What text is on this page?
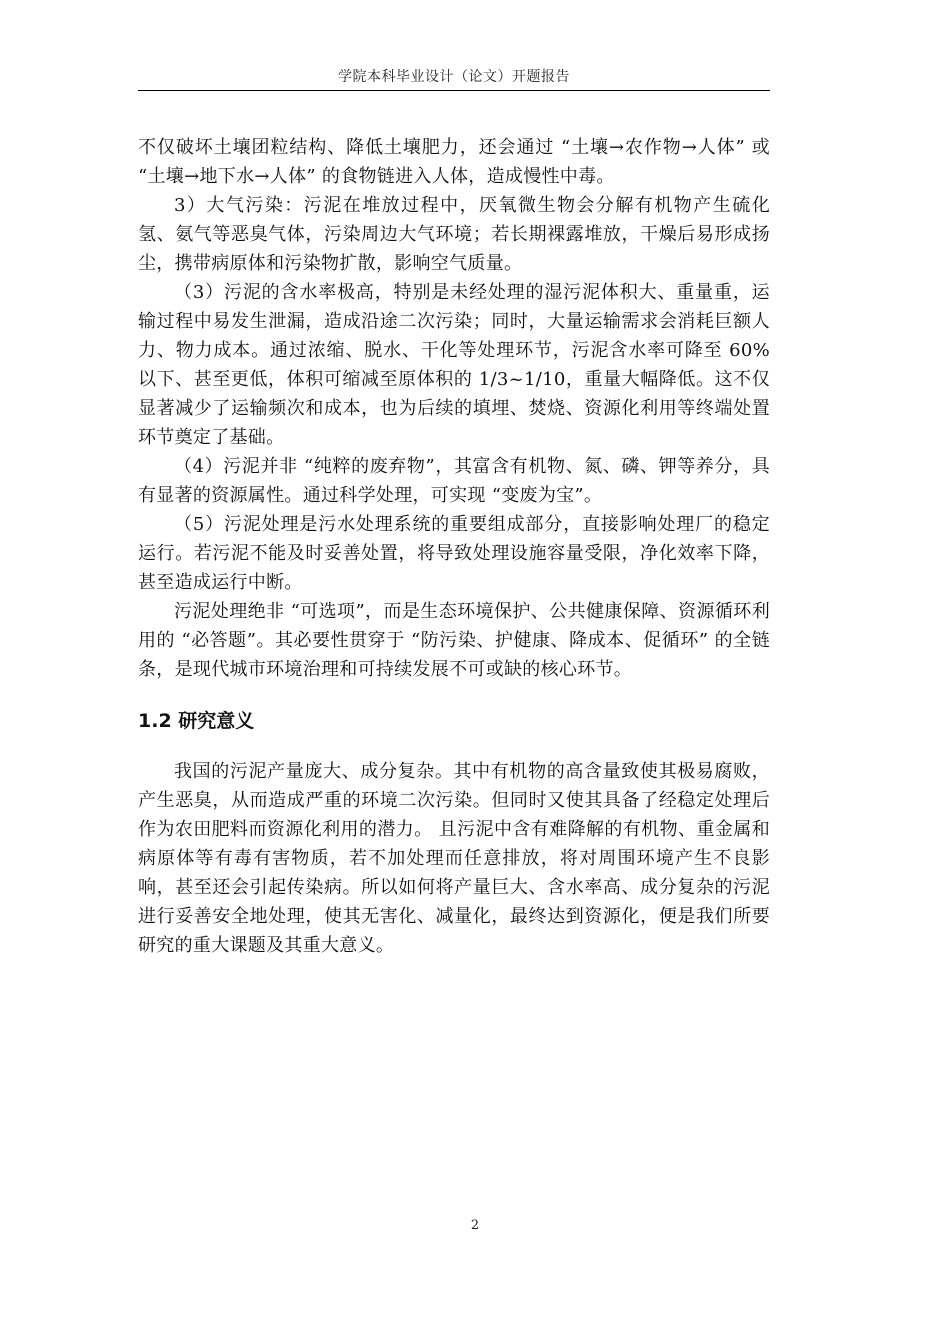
学院本科毕业设计（论文）开题报告

不仅破坏土壤团粒结构、降低土壤肥力，还会通过 “土壤→农作物→人体” 或 “土壤→地下水→人体” 的食物链进入人体，造成慢性中毒。

3）大气污染：污泥在堆放过程中，厌氧微生物会分解有机物产生硫化氢、氨气等恶臭气体，污染周边大气环境；若长期裸露堆放，干燥后易形成扬尘，携带病原体和污染物扩散，影响空气质量。

（3）污泥的含水率极高，特别是未经处理的湿污泥体积大、重量重，运输过程中易发生泄漏，造成沿途二次污染；同时，大量运输需求会消耗巨额人力、物力成本。通过浓缩、脱水、干化等处理环节，污泥含水率可降至 60% 以下、甚至更低，体积可缩减至原体积的 1/3~1/10，重量大幅降低。这不仅显著减少了运输频次和成本，也为后续的填埋、焚烧、资源化利用等终端处置环节奠定了基础。

（4）污泥并非 “纯粹的废弃物”，其富含有机物、氮、磷、钾等养分，具有显著的资源属性。通过科学处理，可实现 “变废为宝”。

（5）污泥处理是污水处理系统的重要组成部分，直接影响处理厂的稳定运行。若污泥不能及时妥善处置，将导致处理设施容量受限，净化效率下降，甚至造成运行中断。

污泥处理绝非 “可选项”，而是生态环境保护、公共健康保障、资源循环利用的 “必答题”。其必要性贯穿于 “防污染、护健康、降成本、促循环” 的全链条，是现代城市环境治理和可持续发展不可或缺的核心环节。

1.2 研究意义

我国的污泥产量庞大、成分复杂。其中有机物的高含量致使其极易腐败，产生恶臭，从而造成严重的环境二次污染。但同时又使其具备了经稳定处理后作为农田肥料而资源化利用的潜力。 且污泥中含有难降解的有机物、重金属和病原体等有毒有害物质，若不加处理而任意排放，将对周围环境产生不良影响，甚至还会引起传染病。所以如何将产量巨大、含水率高、成分复杂的污泥进行妥善安全地处理，使其无害化、减量化，最终达到资源化，便是我们所要研究的重大课题及其重大意义。

2
